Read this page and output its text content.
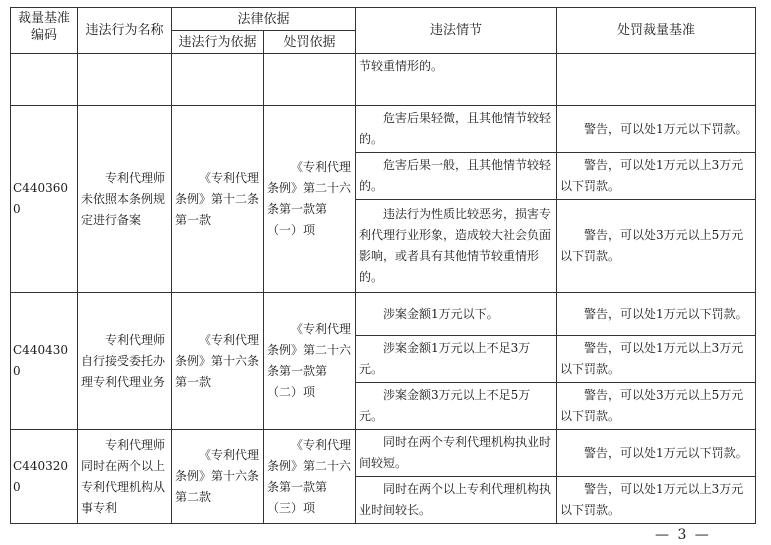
裁量基准编码	违法行为名称	法律依据		违法情节	处罚裁量基准
		违法行为依据	处罚依据		
				节较重情形的。	
C4403600	专利代理师未依照本条例规定进行备案	《专利代理条例》第十二条第一款	《专利代理条例》第二十六条第一款第（一）项	危害后果轻微，且其他情节较轻的。	警告，可以处1万元以下罚款。
				危害后果一般，且其他情节较轻的。	警告，可以处1万元以上3万元以下罚款。
				违法行为性质比较恶劣，损害专利代理行业形象，造成较大社会负面影响，或者具有其他情节较重情形的。	警告，可以处3万元以上5万元以下罚款。
C4404300	专利代理师自行接受委托办理专利代理业务	《专利代理条例》第十六条第一款	《专利代理条例》第二十六条第一款第（二）项	涉案金额1万元以下。	警告，可以处1万元以下罚款。
				涉案金额1万元以上不足3万元。	警告，可以处1万元以上3万元以下罚款。
				涉案金额3万元以上不足5万元。	警告，可以处3万元以上5万元以下罚款。
C4403200	专利代理师同时在两个以上专利代理机构从事专利	《专利代理条例》第十六条第二款	《专利代理条例》第二十六条第一款第（三）项	同时在两个专利代理机构执业时间较短。	警告，可以处1万元以下罚款。
				同时在两个以上专利代理机构执业时间较长。	警告，可以处1万元以上3万元以下罚款。
— 3 —
